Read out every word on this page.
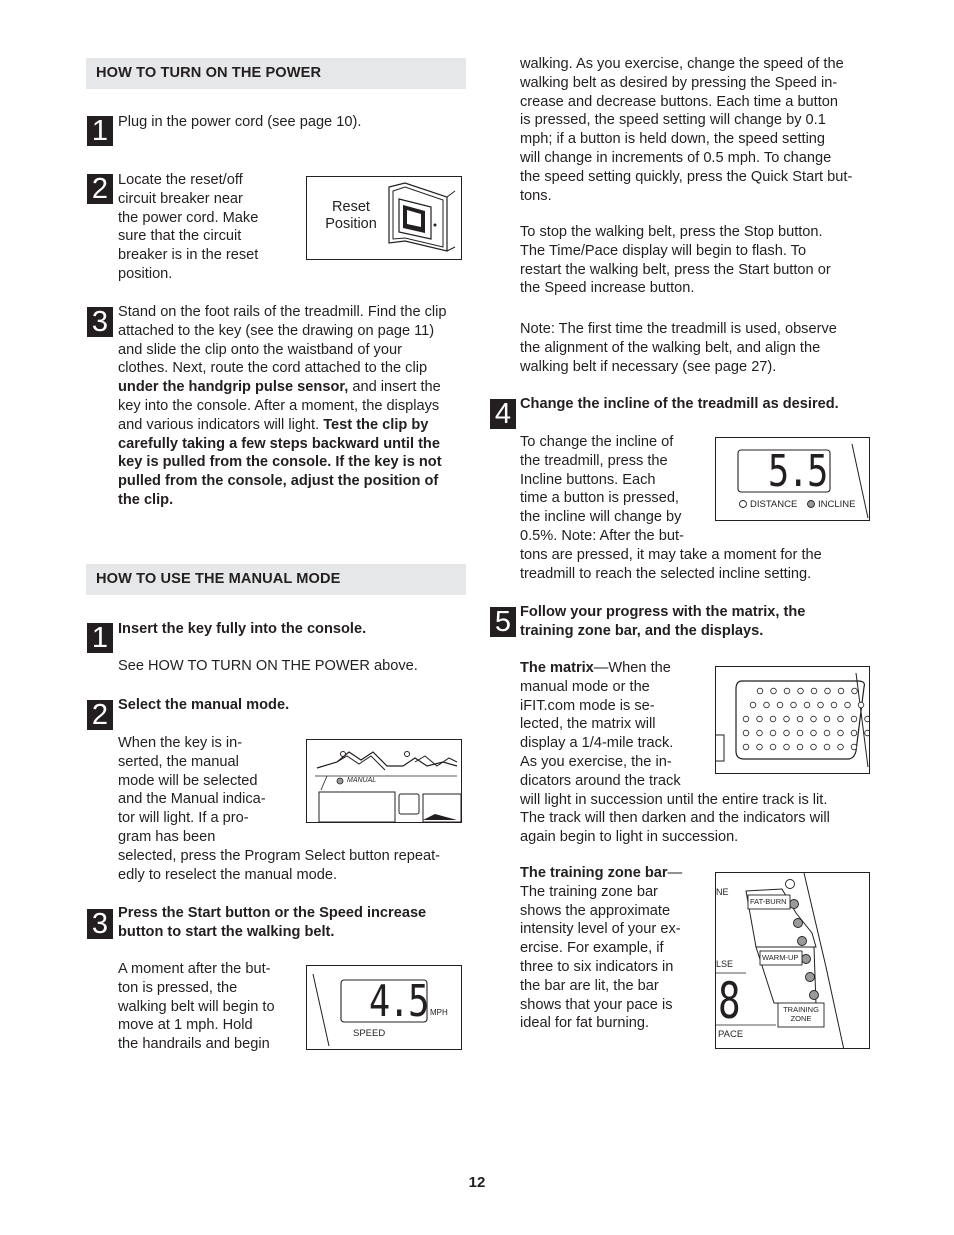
HOW TO TURN ON THE POWER
1 Plug in the power cord (see page 10).
2 Locate the reset/off

circuit breaker near

the power cord. Make

sure that the circuit

breaker is in the reset

position.

Reset

Position

3 Stand on the foot rails of the treadmill. Find the clip

attached to the key (see the drawing on page 11)

and slide the clip onto the waistband of your

clothes. Next, route the cord attached to the clip

under the handgrip pulse sensor, and insert the

key into the console. After a moment, the displays

and various indicators will light. Test the clip by

carefully taking a few steps backward until the

key is pulled from the console. If the key is not

pulled from the console, adjust the position of

the clip.

HOW TO USE THE MANUAL MODE
1 Insert the key fully into the console.
See HOW TO TURN ON THE POWER above.
2 Select the manual mode.

When the key is in-

serted, the manual

mode will be selected

and the Manual indica-

tor will light. If a pro-

gram has been

selected, press the Program Select button repeat-

edly to reselect the manual mode.

MANUAL
3 Press the Start button or the Speed increase

button to start the walking belt.

A moment after the but-

ton is pressed, the

walking belt will begin to

move at 1 mph. Hold

the handrails and begin

4.5 MPH
SPEED

walking. As you exercise, change the speed of the

walking belt as desired by pressing the Speed in-

crease and decrease buttons. Each time a button

is pressed, the speed setting will change by 0.1

mph; if a button is held down, the speed setting

will change in increments of 0.5 mph. To change

the speed setting quickly, press the Quick Start but-

tons.

To stop the walking belt, press the Stop button.

The Time/Pace display will begin to flash. To

restart the walking belt, press the Start button or

the Speed increase button.

Note: The first time the treadmill is used, observe

the alignment of the walking belt, and align the

walking belt if necessary (see page 27).

4 Change the incline of the treadmill as desired.

To change the incline of

the treadmill, press the

Incline buttons. Each

time a button is pressed,

the incline will change by

0.5%. Note: After the but-

tons are pressed, it may take a moment for the

treadmill to reach the selected incline setting.

5.5
DISTANCE INCLINE
5 Follow your progress with the matrix, the

training zone bar, and the displays.

The matrix—When the

manual mode or the

iFIT.com mode is se-

lected, the matrix will

display a 1/4-mile track.

As you exercise, the in-

dicators around the track

will light in succession until the entire track is lit.

The track will then darken and the indicators will

again begin to light in succession.

The training zone bar—

The training zone bar

shows the approximate

intensity level of your ex-

ercise. For example, if

three to six indicators in

the bar are lit, the bar

shows that your pace is

ideal for fat burning.

NE
FAT-BURN
LSE
WARM-UP
8	TRAINING

ZONE

PACE
12
